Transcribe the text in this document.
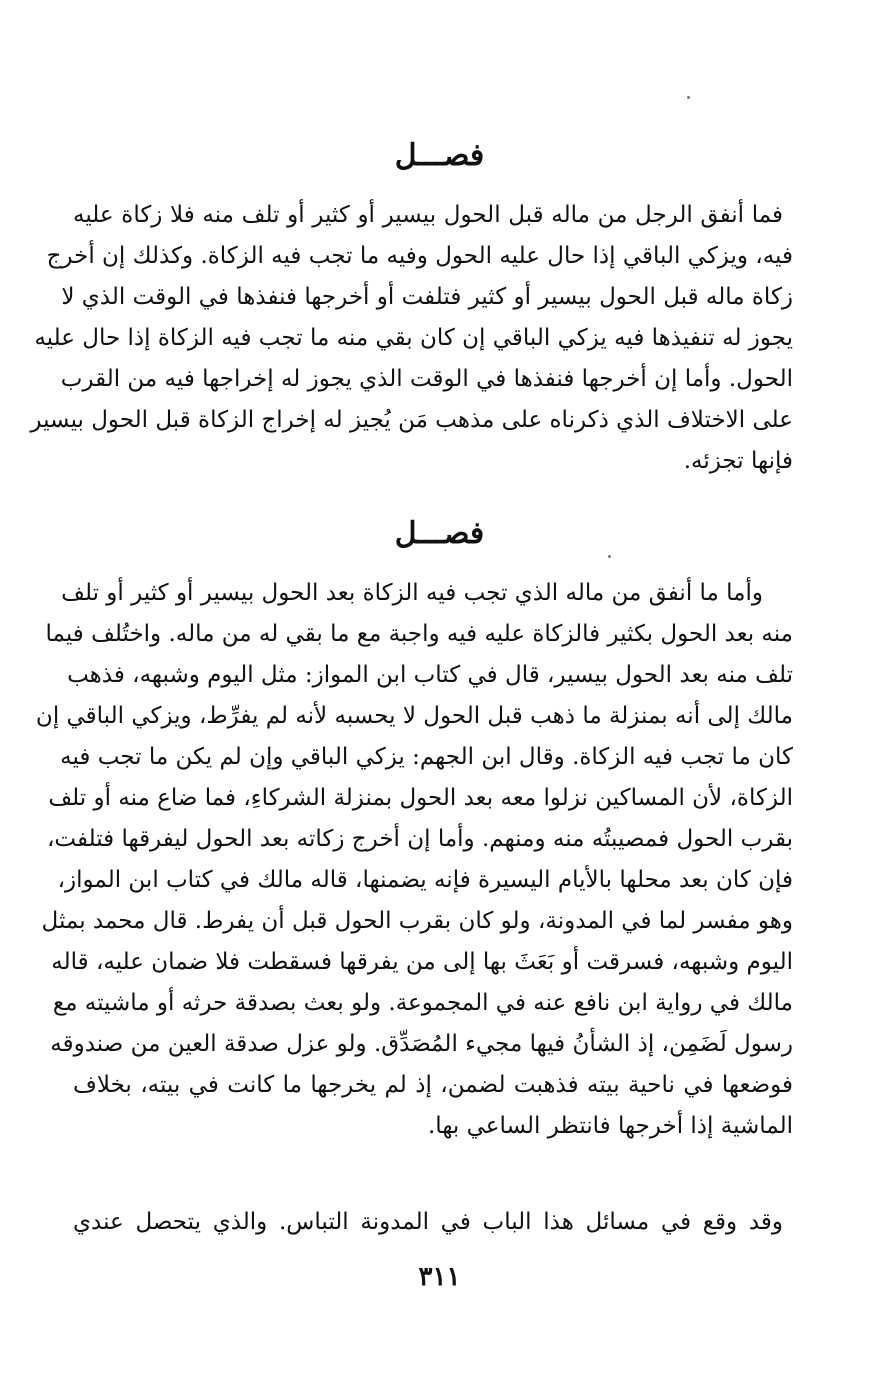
فصـــل
فما أنفق الرجل من ماله قبل الحول بيسير أو كثير أو تلف منه فلا زكاة عليه
فيه، ويزكي الباقي إذا حال عليه الحول وفيه ما تجب فيه الزكاة. وكذلك إن أخرج
زكاة ماله قبل الحول بيسير أو كثير فتلفت أو أخرجها فنفذها في الوقت الذي لا
يجوز له تنفيذها فيه يزكي الباقي إن كان بقي منه ما تجب فيه الزكاة إذا حال عليه
الحول. وأما إن أخرجها فنفذها في الوقت الذي يجوز له إخراجها فيه من القرب
على الاختلاف الذي ذكرناه على مذهب مَن يُجيز له إخراج الزكاة قبل الحول بيسير
فإنها تجزئه.
فصـــل
وأما ما أنفق من ماله الذي تجب فيه الزكاة بعد الحول بيسير أو كثير أو تلف
منه بعد الحول بكثير فالزكاة عليه فيه واجبة مع ما بقي له من ماله. واختُلف فيما
تلف منه بعد الحول بيسير، قال في كتاب ابن المواز: مثل اليوم وشبهه، فذهب
مالك إلى أنه بمنزلة ما ذهب قبل الحول لا يحسبه لأنه لم يفرِّط، ويزكي الباقي إن
كان ما تجب فيه الزكاة. وقال ابن الجهم: يزكي الباقي وإن لم يكن ما تجب فيه
الزكاة، لأن المساكين نزلوا معه بعد الحول بمنزلة الشركاءِ، فما ضاع منه أو تلف
بقرب الحول فمصيبتُه منه ومنهم. وأما إن أخرج زكاته بعد الحول ليفرقها فتلفت،
فإن كان بعد محلها بالأيام اليسيرة فإنه يضمنها، قاله مالك في كتاب ابن المواز،
وهو مفسر لما في المدونة، ولو كان بقرب الحول قبل أن يفرط. قال محمد بمثل
اليوم وشبهه، فسرقت أو بَعَثَ بها إلى من يفرقها فسقطت فلا ضمان عليه، قاله
مالك في رواية ابن نافع عنه في المجموعة. ولو بعث بصدقة حرثه أو ماشيته مع
رسول لَضَمِن، إذ الشأنُ فيها مجيء المُصَدِّق. ولو عزل صدقة العين من صندوقه
فوضعها في ناحية بيته فذهبت لضمن، إذ لم يخرجها ما كانت في بيته، بخلاف
الماشية إذا أخرجها فانتظر الساعي بها.
وقد وقع في مسائل هذا الباب في المدونة التباس. والذي يتحصل عندي
٣١١
